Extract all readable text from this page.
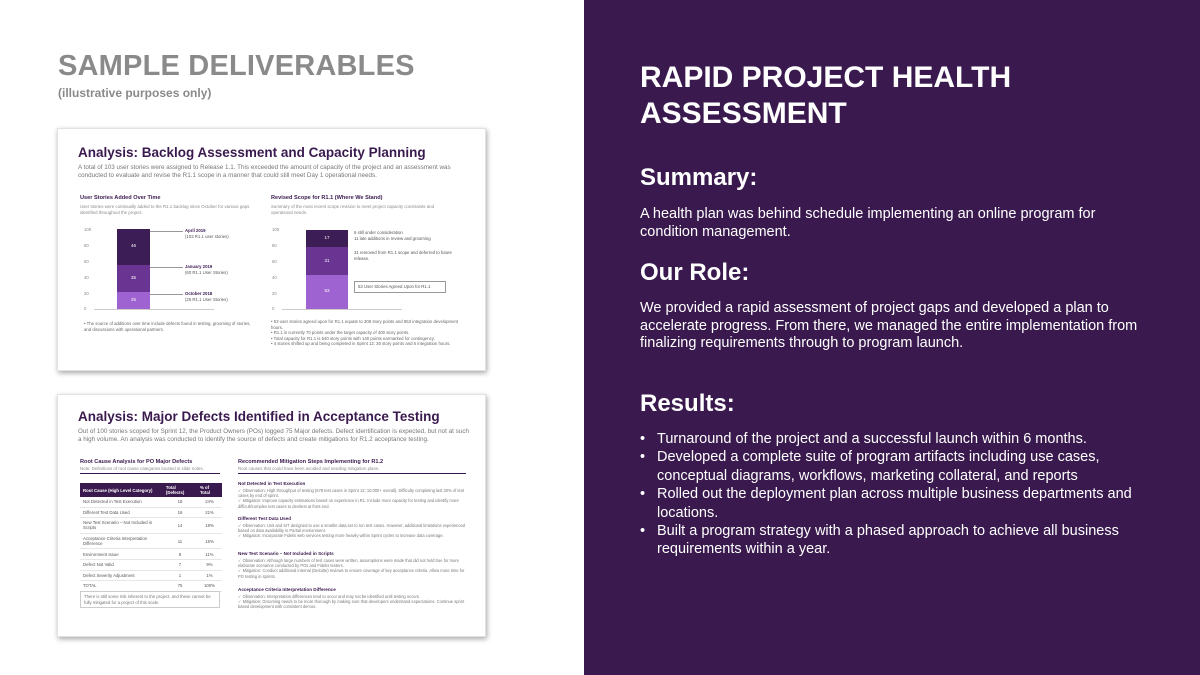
SAMPLE DELIVERABLES
(illustrative purposes only)
Analysis: Backlog Assessment and Capacity Planning
A total of 103 user stories were assigned to Release 1.1. This exceeded the amount of capacity of the project and an assessment was conducted to evaluate and revise the R1.1 scope in a manner that could still meet Day 1 operational needs.
User Stories Added Over Time
User stories were continually added to the R1.1 backlog since October for various gaps identified throughout the project.
100
80
60
40
20
0
46
35
25
April 2019
(103 R1.1 user stories)
January 2019
(60 R1.1 User Stories)
October 2018
(25 R1.1 User Stories)
• The source of additions over time include defects found in testing, grooming of stories, and discussions with operational partners.
Revised Scope for R1.1 (Where We Stand)
Summary of the most recent scope revision to meet project capacity constraints and operational needs.
100
80
60
40
20
0
17
31
53
6 still under consideration
11 late additions in review and grooming
31 removed from R1.1 scope and deferred to future release.
53 User Stories Agreed Upon for R1.1
• 53 user stories agreed upon for R1.1 equate to 308 story points and 853 integration development hours.
• R1.1 is currently 70 points under the target capacity of 400 story points.
• Total capacity for R1.1 is 540 story points with 140 points earmarked for contingency.
• 4 stories shifted up and being completed in Sprint 12: 30 story points and 5 integration hours.
Analysis: Major Defects Identified in Acceptance Testing
Out of 100 stories scoped for Sprint 12, the Product Owners (POs) logged 75 Major defects. Defect identification is expected, but not at such a high volume. An analysis was conducted to identify the source of defects and create mitigations for R1.2 acceptance testing.
Root Cause Analysis for PO Major Defects
Note: Definitions of root cause categories located in slide notes.
Root Cause (High Level Category)	Total (Defects)	% of Total
Not Detected in Test Execution	18	24%
Different Test Data Used	16	21%
New Test Scenario – Not Included in Scripts	14	19%
Acceptance Criteria Interpretation Difference	11	15%
Environment Issue	8	11%
Defect Not Valid	7	9%
Defect Severity Adjustment	1	1%
TOTAL	75	100%
There is still some risk inherent to the project, and these cannot be fully mitigated for a project of this scale.
Recommended Mitigation Steps Implementing for R1.2
Root causes that could have been avoided and needing mitigation plans.
Not Detected in Test Execution
✓ Observation: High throughput of testing (678 test cases in Sprint 12; 10,000+ overall). Difficulty completing last 20% of test cases by end of sprint.
✓ Mitigation: Improve capacity estimations based on experience in R1. Include more capacity for testing and identify more difficult/complex test cases to dev/test at front end.
Different Test Data Used
✓ Observation: Unit and SIT designed to use a smaller data set to run test cases. However, additional limitations experienced based on data availability in Partial environment.
✓ Mitigation: Incorporate Fidelis web services testing more heavily within Sprint cycles to increase data coverage.
New Test Scenario – Not Included in Scripts
✓ Observation: Although large numbers of test cases were written, assumptions were made that did not hold true for more elaborate scenarios conducted by POs and Fidelis testers.
✓ Mitigation: Conduct additional internal (Deloitte) reviews to ensure coverage of key acceptance criteria. Allow more time for PO testing in sprints.
Acceptance Criteria Interpretation Difference
✓ Observation: Interpretation differences tend to occur and may not be identified until testing occurs.
✓ Mitigation: Grooming needs to be more thorough by making sure that developers understand expectations. Continue sprint based development with consistent demos.
RAPID PROJECT HEALTH ASSESSMENT
Summary:
A health plan was behind schedule implementing an online program for condition management.
Our Role:
We provided a rapid assessment of project gaps and developed a plan to accelerate progress. From there, we managed the entire implementation from finalizing requirements through to program launch.
Results:
• Turnaround of the project and a successful launch within 6 months.
• Developed a complete suite of program artifacts including use cases, conceptual diagrams, workflows, marketing collateral, and reports
• Rolled out the deployment plan across multiple business departments and locations.
• Built a program strategy with a phased approach to achieve all business requirements within a year.
